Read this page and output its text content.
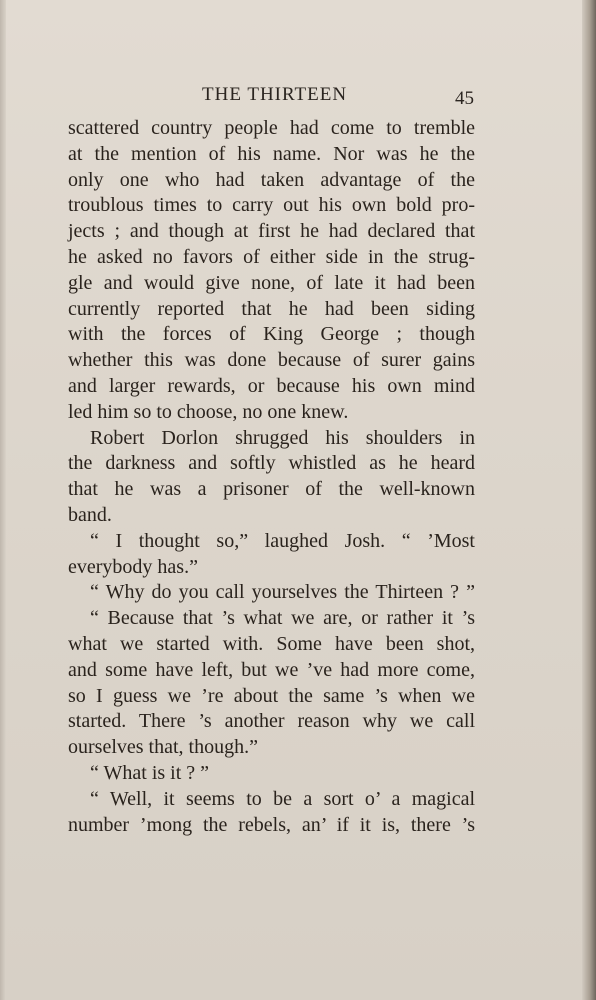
THE THIRTEEN	45
scattered country people had come to tremble
at the mention of his name. Nor was he the
only one who had taken advantage of the
troublous times to carry out his own bold pro-
jects ; and though at first he had declared that
he asked no favors of either side in the strug-
gle and would give none, of late it had been
currently reported that he had been siding
with the forces of King George ; though
whether this was done because of surer gains
and larger rewards, or because his own mind
led him so to choose, no one knew.
Robert Dorlon shrugged his shoulders in
the darkness and softly whistled as he heard
that he was a prisoner of the well-known
band.
“ I thought so,” laughed Josh. “ ’Most
everybody has.”
“ Why do you call yourselves the Thirteen ? ”
“ Because that ’s what we are, or rather it ’s
what we started with. Some have been shot,
and some have left, but we ’ve had more come,
so I guess we ’re about the same ’s when we
started. There ’s another reason why we call
ourselves that, though.”
“ What is it ? ”
“ Well, it seems to be a sort o’ a magical
number ’mong the rebels, an’ if it is, there ’s
